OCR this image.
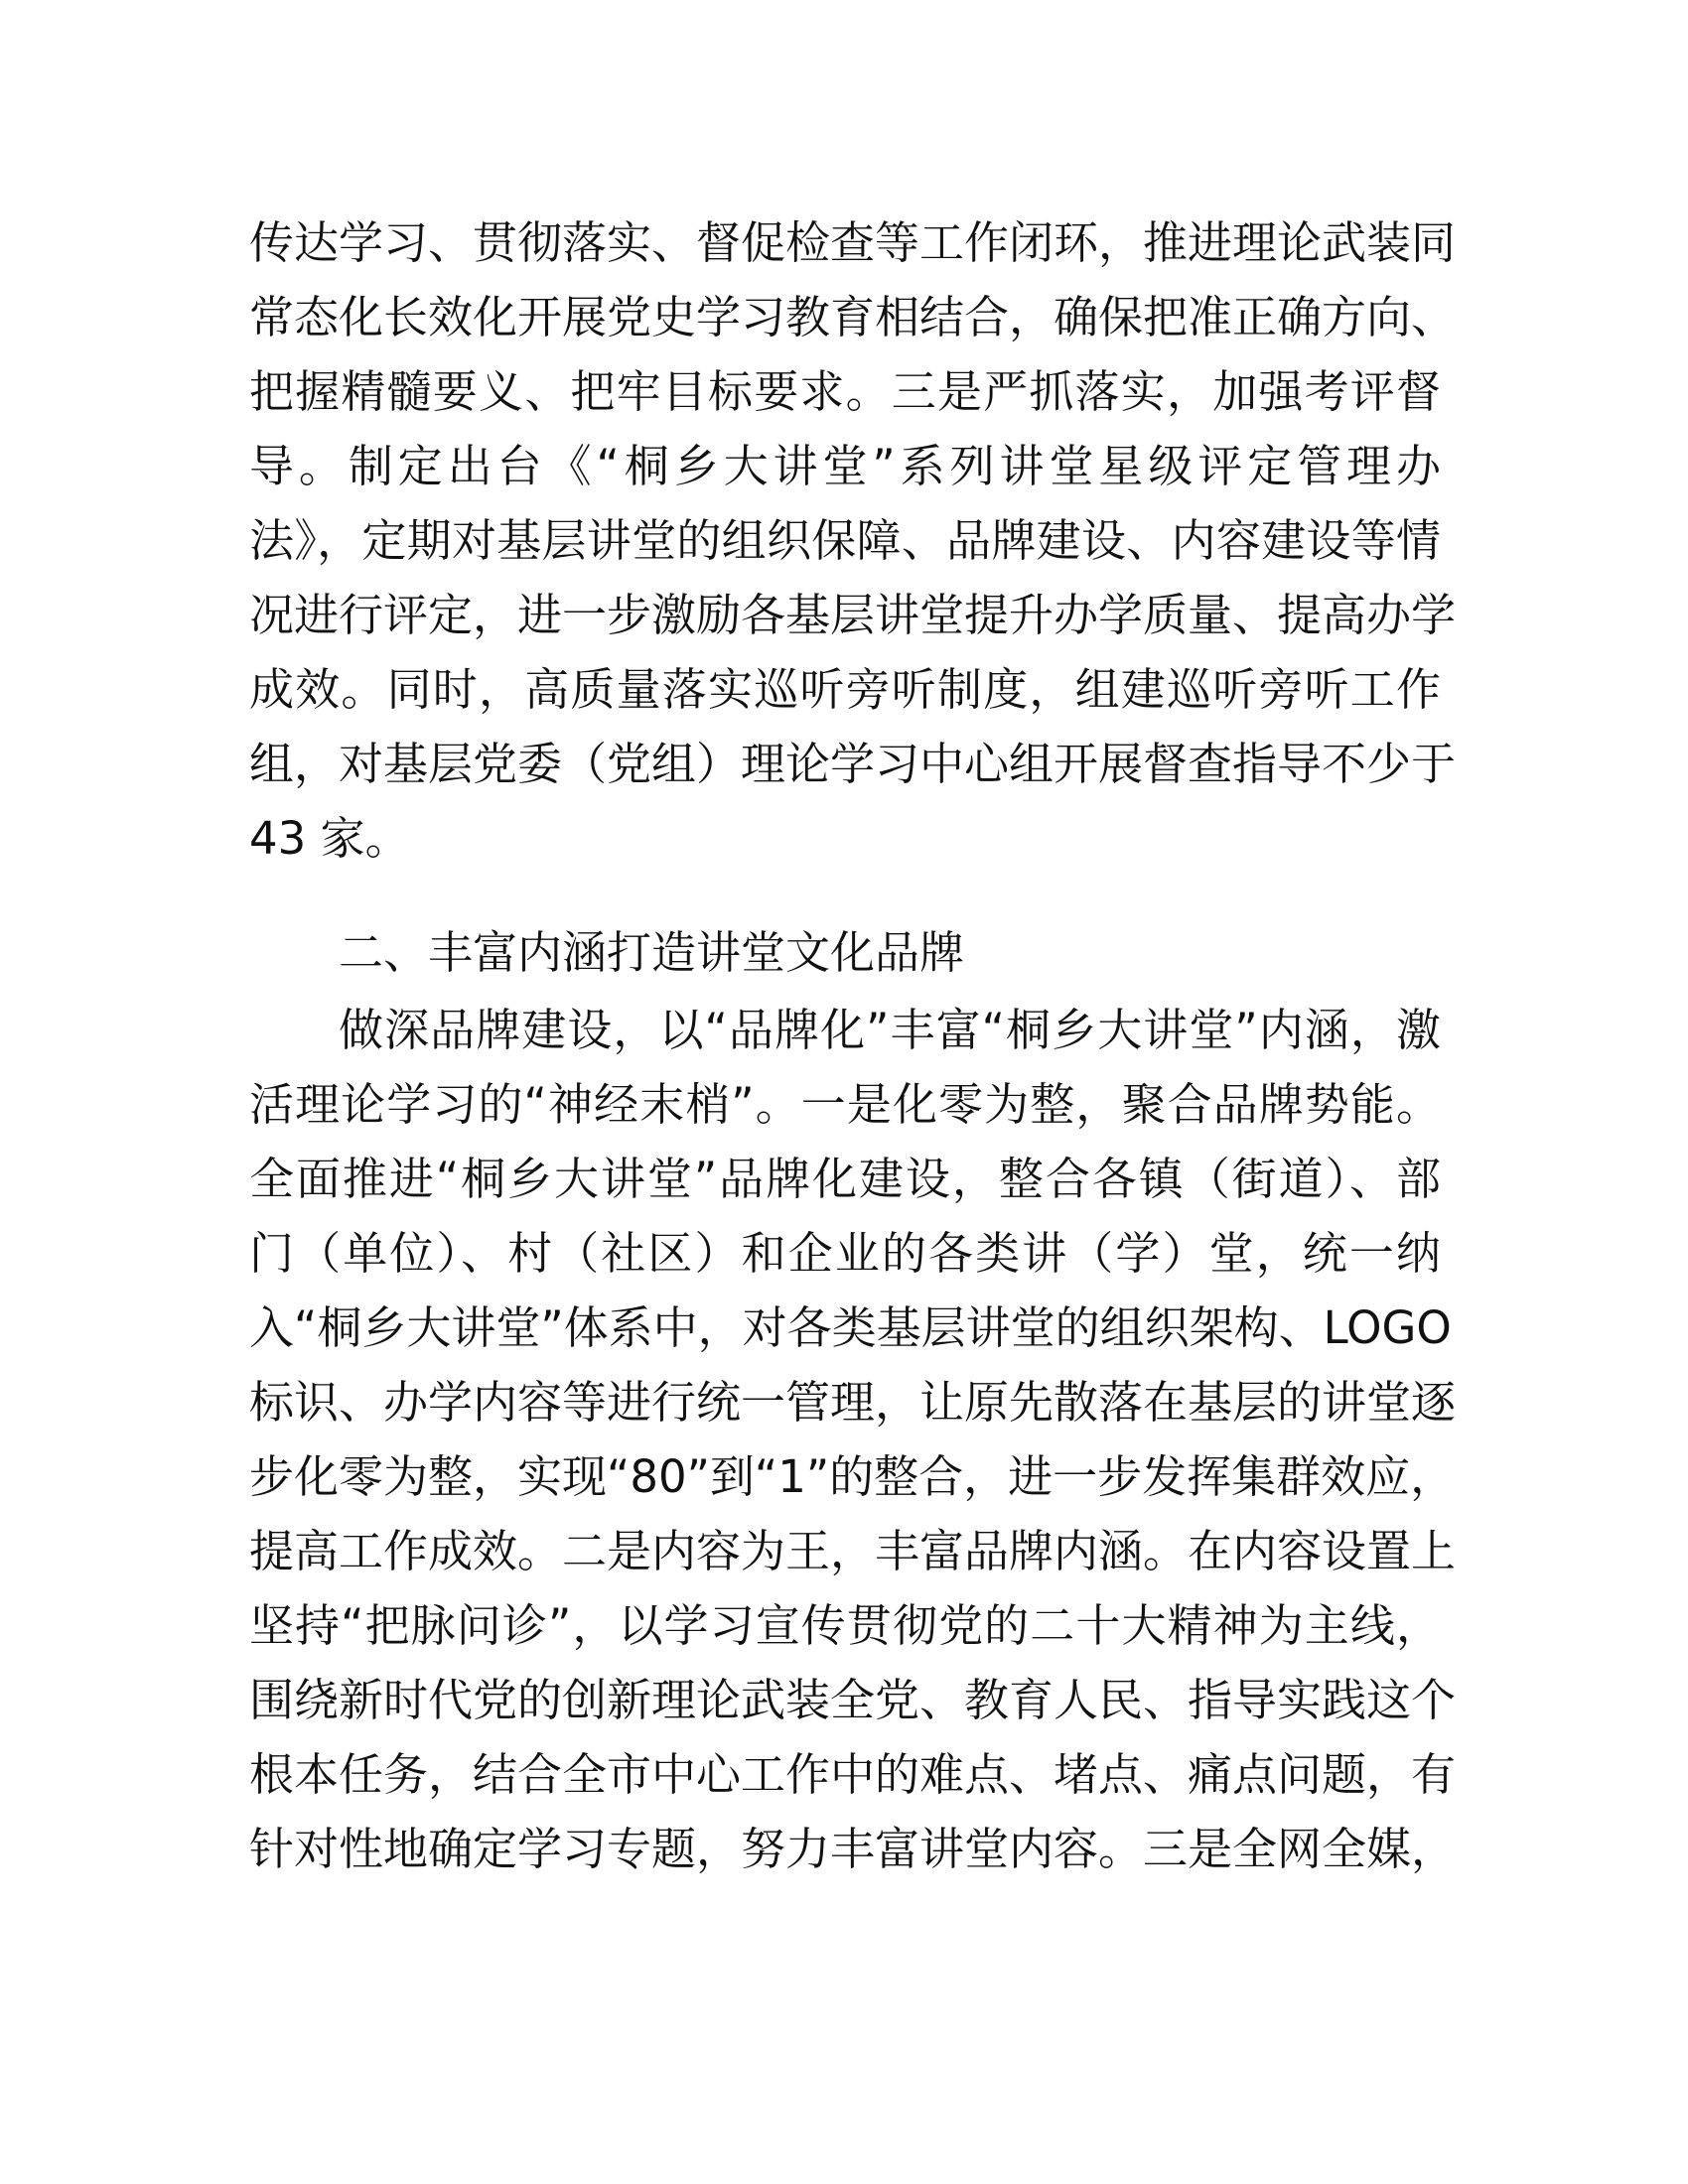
传达学习、贯彻落实、督促检查等工作闭环，推进理论武装同
常态化长效化开展党史学习教育相结合，确保把准正确方向、
把握精髓要义、把牢目标要求。三是严抓落实，加强考评督
导。制定出台《“桐乡大讲堂”系列讲堂星级评定管理办
法》，定期对基层讲堂的组织保障、品牌建设、内容建设等情
况进行评定，进一步激励各基层讲堂提升办学质量、提高办学
成效。同时，高质量落实巡听旁听制度，组建巡听旁听工作
组，对基层党委（党组）理论学习中心组开展督查指导不少于
43 家。
二、丰富内涵打造讲堂文化品牌
做深品牌建设，以“品牌化”丰富“桐乡大讲堂”内涵，激
活理论学习的“神经末梢”。一是化零为整，聚合品牌势能。
全面推进“桐乡大讲堂”品牌化建设，整合各镇（街道）、部
门（单位）、村（社区）和企业的各类讲（学）堂，统一纳
入“桐乡大讲堂”体系中，对各类基层讲堂的组织架构、LOGO
标识、办学内容等进行统一管理，让原先散落在基层的讲堂逐
步化零为整，实现“80”到“1”的整合，进一步发挥集群效应，
提高工作成效。二是内容为王，丰富品牌内涵。在内容设置上
坚持“把脉问诊”，以学习宣传贯彻党的二十大精神为主线，
围绕新时代党的创新理论武装全党、教育人民、指导实践这个
根本任务，结合全市中心工作中的难点、堵点、痛点问题，有
针对性地确定学习专题，努力丰富讲堂内容。三是全网全媒，
